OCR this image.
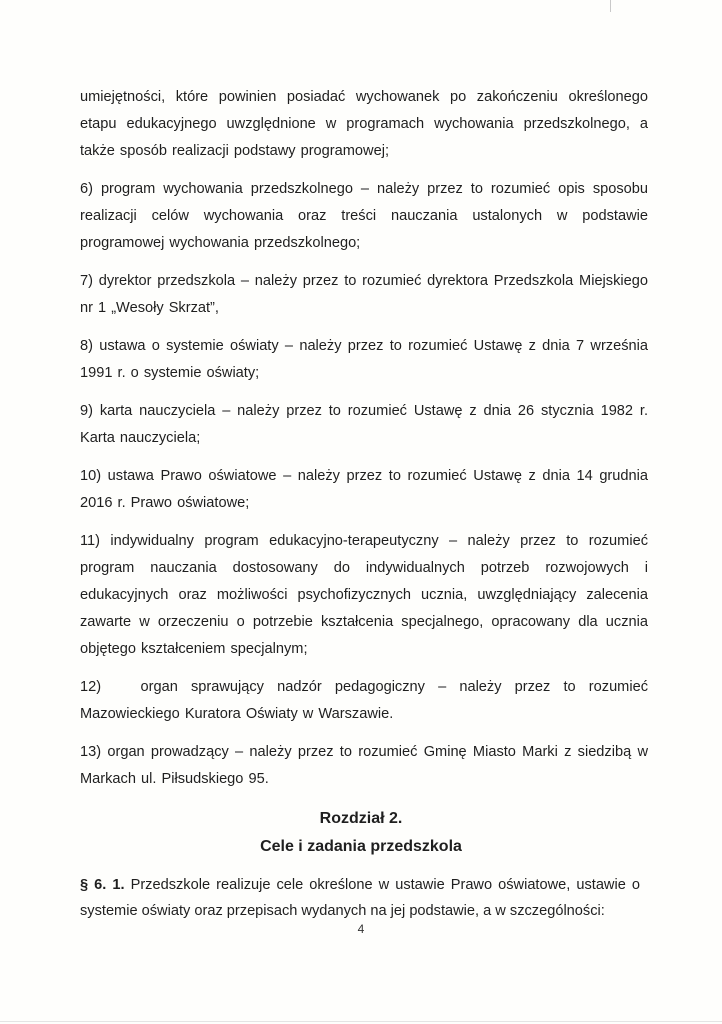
umiejętności, które powinien posiadać wychowanek po zakończeniu określonego etapu edukacyjnego uwzględnione w programach wychowania przedszkolnego, a także sposób realizacji podstawy programowej;

6) program wychowania przedszkolnego – należy przez to rozumieć opis sposobu realizacji celów wychowania oraz treści nauczania ustalonych w podstawie programowej wychowania przedszkolnego;

7) dyrektor przedszkola – należy przez to rozumieć dyrektora Przedszkola Miejskiego nr 1 „Wesoły Skrzat”,

8) ustawa o systemie oświaty – należy przez to rozumieć Ustawę z dnia 7 września 1991 r. o systemie oświaty;

9) karta nauczyciela – należy przez to rozumieć Ustawę z dnia 26 stycznia 1982 r. Karta nauczyciela;

10) ustawa Prawo oświatowe – należy przez to rozumieć Ustawę z dnia 14 grudnia 2016 r. Prawo oświatowe;

11) indywidualny program edukacyjno-terapeutyczny – należy przez to rozumieć program nauczania dostosowany do indywidualnych potrzeb rozwojowych i edukacyjnych oraz możliwości psychofizycznych ucznia, uwzględniający zalecenia zawarte w orzeczeniu o potrzebie kształcenia specjalnego, opracowany dla ucznia objętego kształceniem specjalnym;

12)   organ sprawujący nadzór pedagogiczny – należy przez to rozumieć Mazowieckiego Kuratora Oświaty w Warszawie.

13) organ prowadzący – należy przez to rozumieć Gminę Miasto Marki z siedzibą w Markach ul. Piłsudskiego 95.

Rozdział 2.
Cele i zadania przedszkola

§ 6. 1. Przedszkole realizuje cele określone w ustawie Prawo oświatowe, ustawie o systemie oświaty oraz przepisach wydanych na jej podstawie, a w szczególności:

4
